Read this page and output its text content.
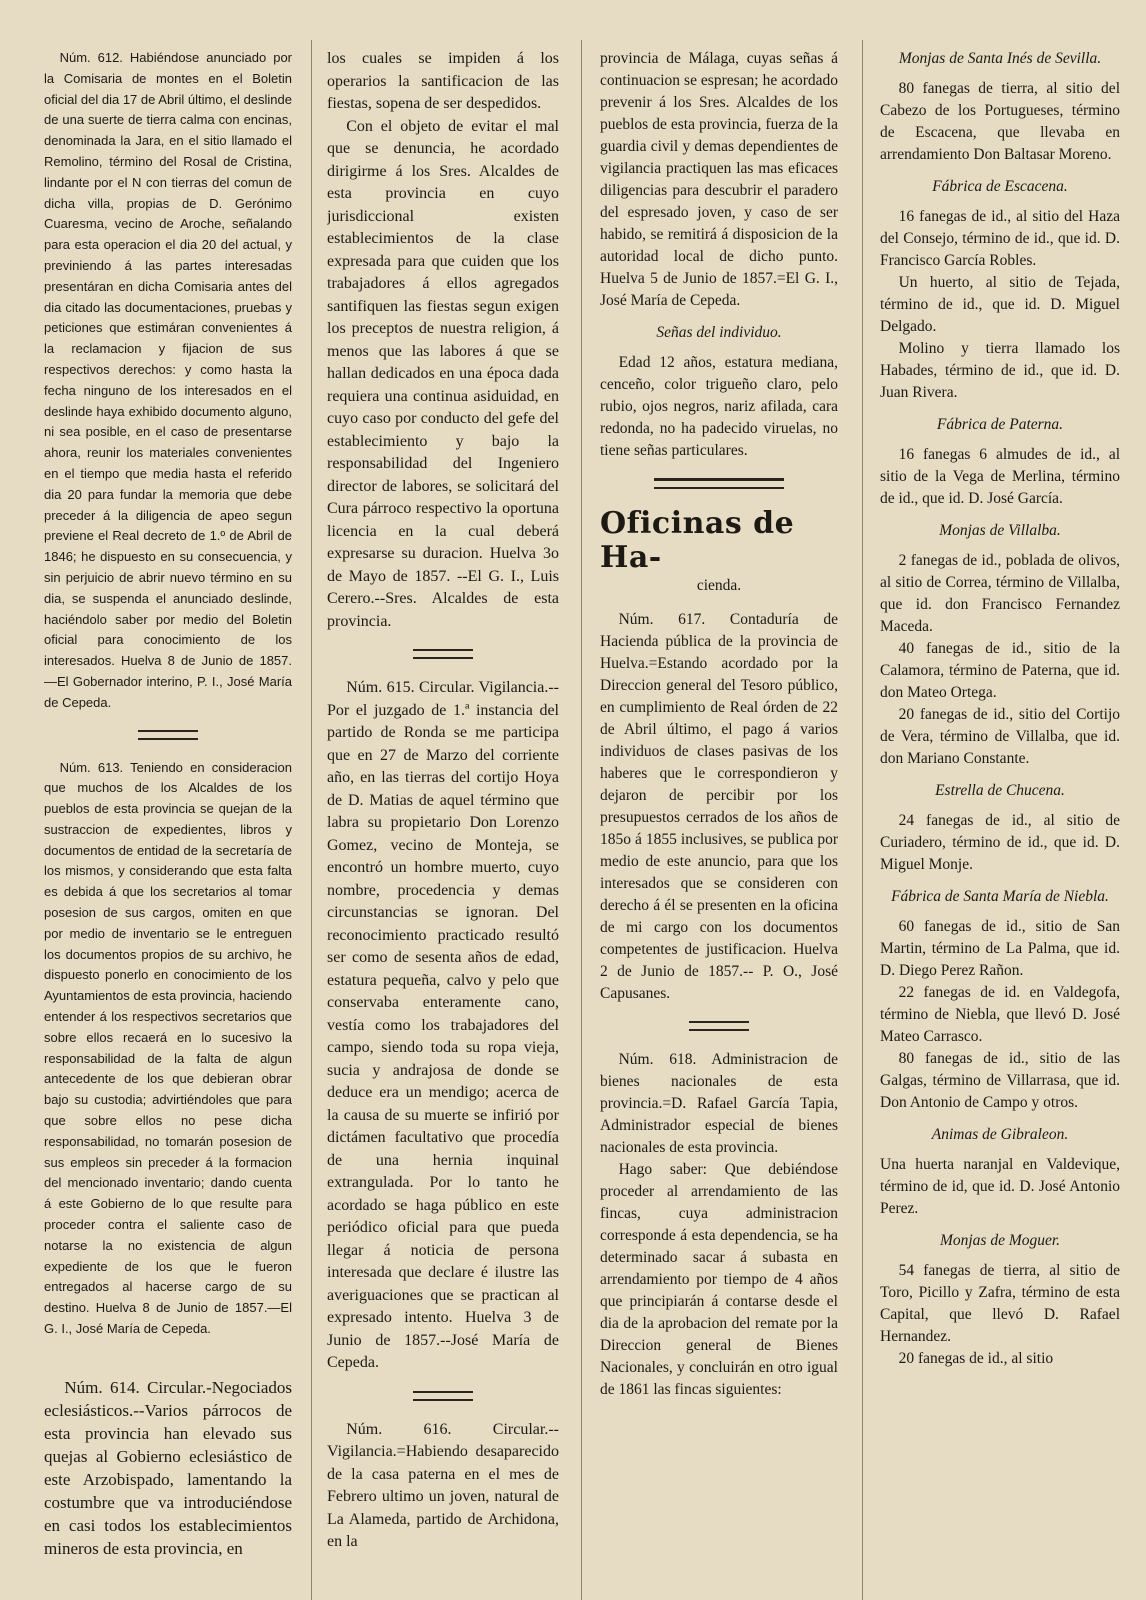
Núm. 612. Habiéndose anunciado por la Comisaria de montes en el Boletin oficial del dia 17 de Abril último, el deslinde de una suerte de tierra calma con encinas, denominada la Jara, en el sitio llamado el Remolino, término del Rosal de Cristina, lindante por el N con tierras del comun de dicha villa, propias de D. Gerónimo Cuaresma, vecino de Aroche, señalando para esta operacion el dia 20 del actual, y previniendo á las partes interesadas presentáran en dicha Comisaria antes del dia citado las documentaciones, pruebas y peticiones que estimáran convenientes á la reclamacion y fijacion de sus respectivos derechos: y como hasta la fecha ninguno de los interesados en el deslinde haya exhibido documento alguno, ni sea posible, en el caso de presentarse ahora, reunir los materiales convenientes en el tiempo que media hasta el referido dia 20 para fundar la memoria que debe preceder á la diligencia de apeo segun previene el Real decreto de 1.º de Abril de 1846; he dispuesto en su consecuencia, y sin perjuicio de abrir nuevo término en su dia, se suspenda el anunciado deslinde, haciéndolo saber por medio del Boletin oficial para conocimiento de los interesados. Huelva 8 de Junio de 1857. —El Gobernador interino, P. I., José María de Cepeda.

Núm. 613. Teniendo en consideracion que muchos de los Alcaldes de los pueblos de esta provincia se quejan de la sustraccion de expedientes, libros y documentos de entidad de la secretaría de los mismos, y considerando que esta falta es debida á que los secretarios al tomar posesion de sus cargos, omiten en que por medio de inventario se le entreguen los documentos propios de su archivo, he dispuesto ponerlo en conocimiento de los Ayuntamientos de esta provincia, haciendo entender á los respectivos secretarios que sobre ellos recaerá en lo sucesivo la responsabilidad de la falta de algun antecedente de los que debieran obrar bajo su custodia; advirtiéndoles que para que sobre ellos no pese dicha responsabilidad, no tomarán posesion de sus empleos sin preceder á la formacion del mencionado inventario; dando cuenta á este Gobierno de lo que resulte para proceder contra el saliente caso de notarse la no existencia de algun expediente de los que le fueron entregados al hacerse cargo de su destino. Huelva 8 de Junio de 1857.—El G. I., José María de Cepeda.

Núm. 614. Circular.-Negociados eclesiásticos.--Varios párrocos de esta provincia han elevado sus quejas al Gobierno eclesiástico de este Arzobispado, lamentando la costumbre que va introduciéndose en casi todos los establecimientos mineros de esta provincia, en

los cuales se impiden á los operarios la santificacion de las fiestas, sopena de ser despedidos.

Con el objeto de evitar el mal que se denuncia, he acordado dirigirme á los Sres. Alcaldes de esta provincia en cuyo jurisdiccional existen establecimientos de la clase expresada para que cuiden que los trabajadores á ellos agregados santifiquen las fiestas segun exigen los preceptos de nuestra religion, á menos que las labores á que se hallan dedicados en una época dada requiera una continua asiduidad, en cuyo caso por conducto del gefe del establecimiento y bajo la responsabilidad del Ingeniero director de labores, se solicitará del Cura párroco respectivo la oportuna licencia en la cual deberá expresarse su duracion. Huelva 3o de Mayo de 1857. --El G. I., Luis Cerero.--Sres. Alcaldes de esta provincia.

Núm. 615. Circular. Vigilancia.--Por el juzgado de 1.ª instancia del partido de Ronda se me participa que en 27 de Marzo del corriente año, en las tierras del cortijo Hoya de D. Matias de aquel término que labra su propietario Don Lorenzo Gomez, vecino de Monteja, se encontró un hombre muerto, cuyo nombre, procedencia y demas circunstancias se ignoran. Del reconocimiento practicado resultó ser como de sesenta años de edad, estatura pequeña, calvo y pelo que conservaba enteramente cano, vestía como los trabajadores del campo, siendo toda su ropa vieja, sucia y andrajosa de donde se deduce era un mendigo; acerca de la causa de su muerte se infirió por dictámen facultativo que procedía de una hernia inquinal extrangulada. Por lo tanto he acordado se haga público en este periódico oficial para que pueda llegar á noticia de persona interesada que declare é ilustre las averiguaciones que se practican al expresado intento. Huelva 3 de Junio de 1857.--José María de Cepeda.

Núm. 616. Circular.--Vigilancia.=Habiendo desaparecido de la casa paterna en el mes de Febrero ultimo un joven, natural de La Alameda, partido de Archidona, en la

provincia de Málaga, cuyas señas á continuacion se espresan; he acordado prevenir á los Sres. Alcaldes de los pueblos de esta provincia, fuerza de la guardia civil y demas dependientes de vigilancia practiquen las mas eficaces diligencias para descubrir el paradero del espresado joven, y caso de ser habido, se remitirá á disposicion de la autoridad local de dicho punto. Huelva 5 de Junio de 1857.=El G. I., José María de Cepeda.

Señas del individuo.

Edad 12 años, estatura mediana, cenceño, color trigueño claro, pelo rubio, ojos negros, nariz afilada, cara redonda, no ha padecido viruelas, no tiene señas particulares.

Oficinas de Ha-

cienda.

Núm. 617. Contaduría de Hacienda pública de la provincia de Huelva.=Estando acordado por la Direccion general del Tesoro público, en cumplimiento de Real órden de 22 de Abril último, el pago á varios individuos de clases pasivas de los haberes que le correspondieron y dejaron de percibir por los presupuestos cerrados de los años de 185o á 1855 inclusives, se publica por medio de este anuncio, para que los interesados que se consideren con derecho á él se presenten en la oficina de mi cargo con los documentos competentes de justificacion. Huelva 2 de Junio de 1857.-- P. O., José Capusanes.

Núm. 618. Administracion de bienes nacionales de esta provincia.=D. Rafael García Tapia, Administrador especial de bienes nacionales de esta provincia.

Hago saber: Que debiéndose proceder al arrendamiento de las fincas, cuya administracion corresponde á esta dependencia, se ha determinado sacar á subasta en arrendamiento por tiempo de 4 años que principiarán á contarse desde el dia de la aprobacion del remate por la Direccion general de Bienes Nacionales, y concluirán en otro igual de 1861 las fincas siguientes:

Monjas de Santa Inés de Sevilla.

80 fanegas de tierra, al sitio del Cabezo de los Portugueses, término de Escacena, que llevaba en arrendamiento Don Baltasar Moreno.

Fábrica de Escacena.

16 fanegas de id., al sitio del Haza del Consejo, término de id., que id. D. Francisco García Robles.

Un huerto, al sitio de Tejada, término de id., que id. D. Miguel Delgado.

Molino y tierra llamado los Habades, término de id., que id. D. Juan Rivera.

Fábrica de Paterna.

16 fanegas 6 almudes de id., al sitio de la Vega de Merlina, término de id., que id. D. José García.

Monjas de Villalba.

2 fanegas de id., poblada de olivos, al sitio de Correa, término de Villalba, que id. don Francisco Fernandez Maceda.

40 fanegas de id., sitio de la Calamora, término de Paterna, que id. don Mateo Ortega.

20 fanegas de id., sitio del Cortijo de Vera, término de Villalba, que id. don Mariano Constante.

Estrella de Chucena.

24 fanegas de id., al sitio de Curiadero, término de id., que id. D. Miguel Monje.

Fábrica de Santa María de Niebla.

60 fanegas de id., sitio de San Martin, término de La Palma, que id. D. Diego Perez Rañon.

22 fanegas de id. en Valdegofa, término de Niebla, que llevó D. José Mateo Carrasco.

80 fanegas de id., sitio de las Galgas, término de Villarrasa, que id. Don Antonio de Campo y otros.

Animas de Gibraleon.

Una huerta naranjal en Valdevique, término de id, que id. D. José Antonio Perez.

Monjas de Moguer.

54 fanegas de tierra, al sitio de Toro, Picillo y Zafra, término de esta Capital, que llevó D. Rafael Hernandez.

20 fanegas de id., al sitio
